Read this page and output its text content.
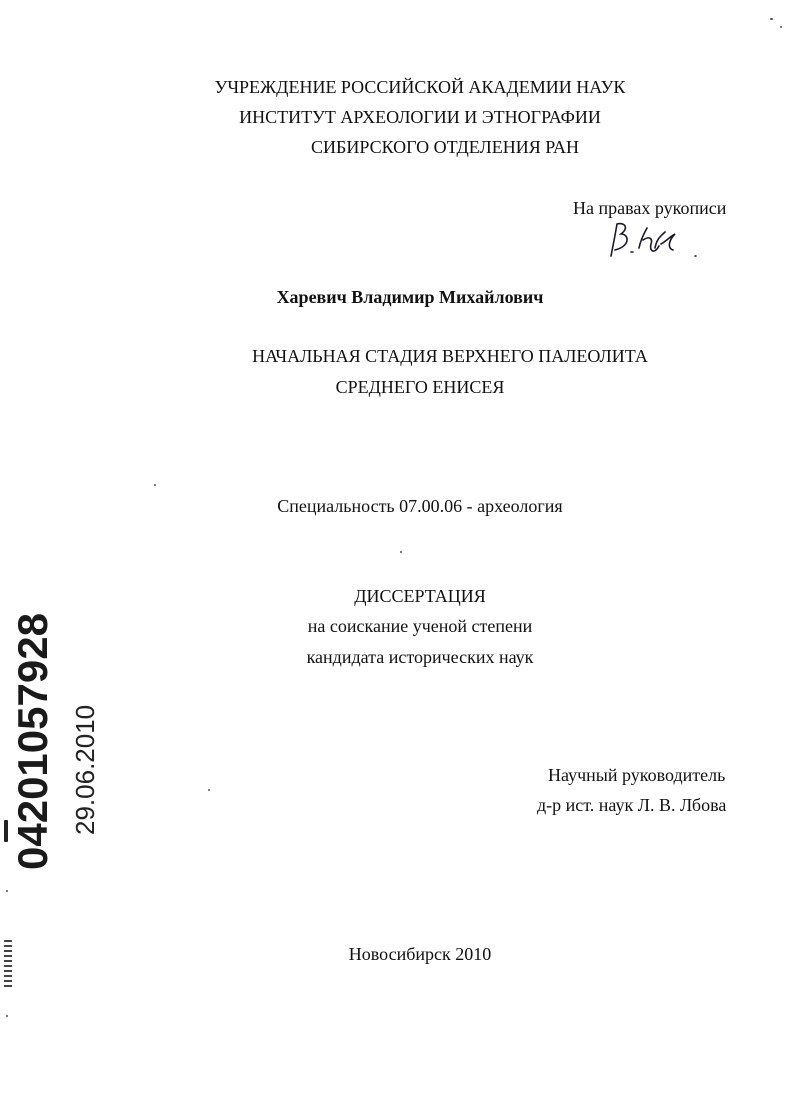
УЧРЕЖДЕНИЕ РОССИЙСКОЙ АКАДЕМИИ НАУК
ИНСТИТУТ АРХЕОЛОГИИ И ЭТНОГРАФИИ
СИБИРСКОГО ОТДЕЛЕНИЯ РАН
На правах рукописи
Харевич Владимир Михайлович
НАЧАЛЬНАЯ СТАДИЯ ВЕРХНЕГО ПАЛЕОЛИТА
СРЕДНЕГО ЕНИСЕЯ
Специальность 07.00.06 - археология
ДИССЕРТАЦИЯ
на соискание ученой степени
кандидата исторических наук
Научный руководитель
д-р ист. наук Л. В. Лбова
Новосибирск 2010
04201057928 29.06.2010
